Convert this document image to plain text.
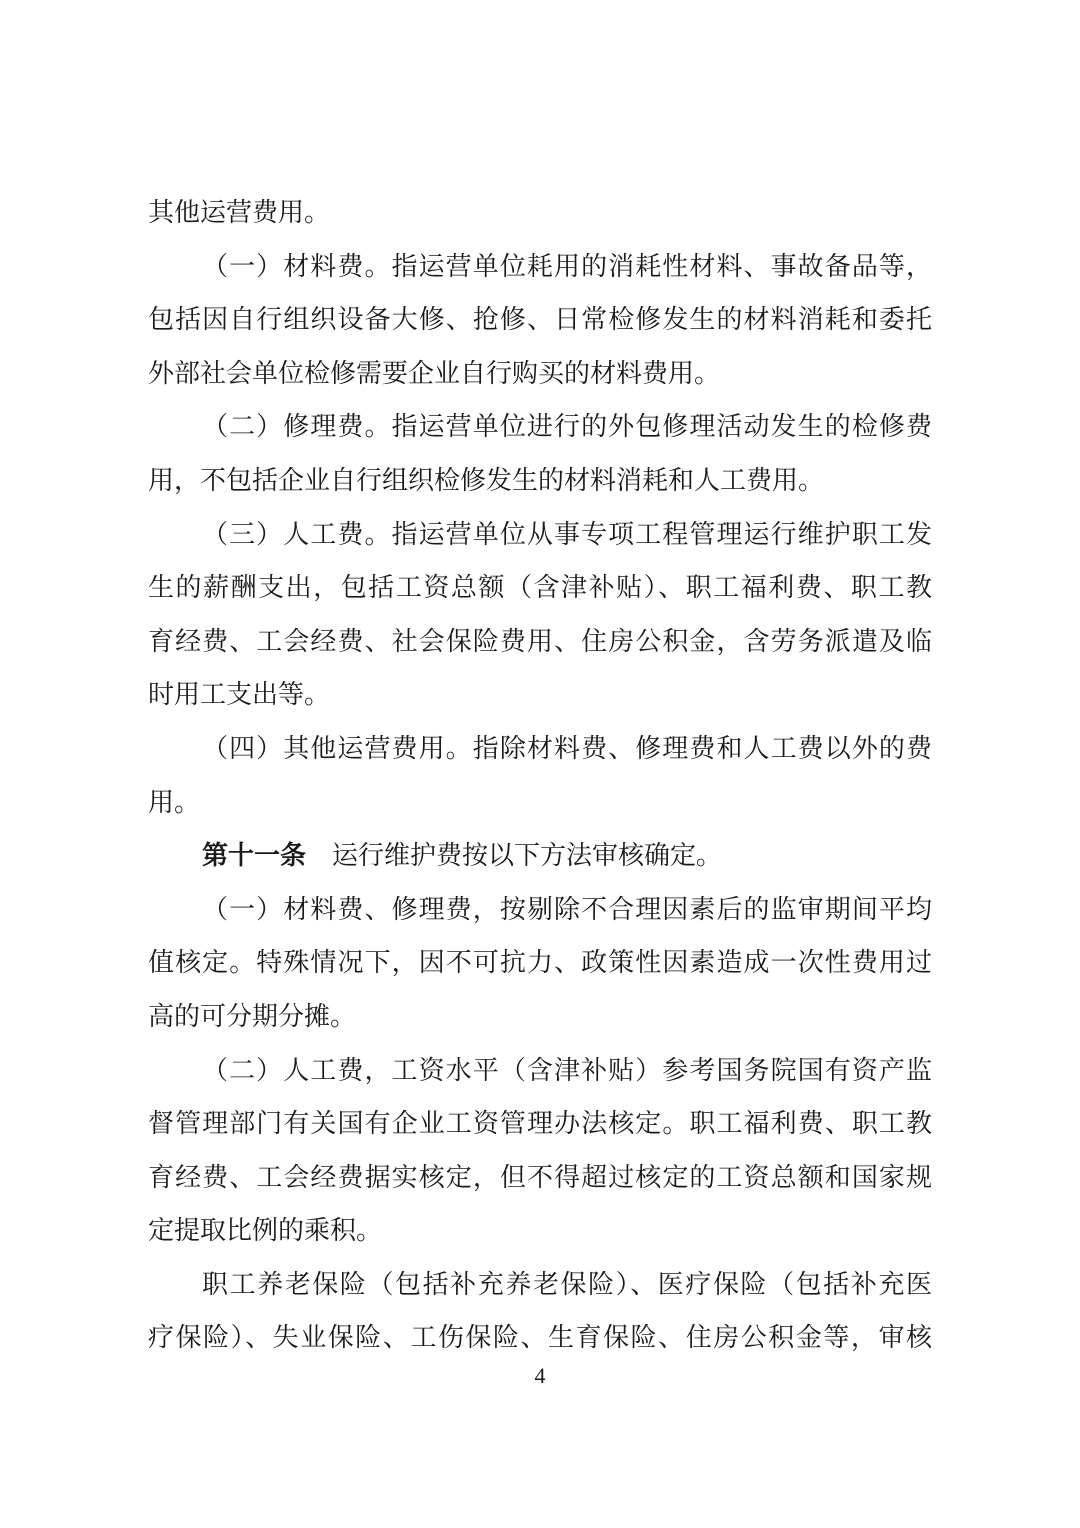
其他运营费用。
（一）材料费。指运营单位耗用的消耗性材料、事故备品等，
包括因自行组织设备大修、抢修、日常检修发生的材料消耗和委托
外部社会单位检修需要企业自行购买的材料费用。
（二）修理费。指运营单位进行的外包修理活动发生的检修费
用，不包括企业自行组织检修发生的材料消耗和人工费用。
（三）人工费。指运营单位从事专项工程管理运行维护职工发
生的薪酬支出，包括工资总额（含津补贴）、职工福利费、职工教
育经费、工会经费、社会保险费用、住房公积金，含劳务派遣及临
时用工支出等。
（四）其他运营费用。指除材料费、修理费和人工费以外的费
用。
第十一条  运行维护费按以下方法审核确定。
（一）材料费、修理费，按剔除不合理因素后的监审期间平均
值核定。特殊情况下，因不可抗力、政策性因素造成一次性费用过
高的可分期分摊。
（二）人工费，工资水平（含津补贴）参考国务院国有资产监
督管理部门有关国有企业工资管理办法核定。职工福利费、职工教
育经费、工会经费据实核定，但不得超过核定的工资总额和国家规
定提取比例的乘积。
职工养老保险（包括补充养老保险）、医疗保险（包括补充医
疗保险）、失业保险、工伤保险、生育保险、住房公积金等，审核
4
